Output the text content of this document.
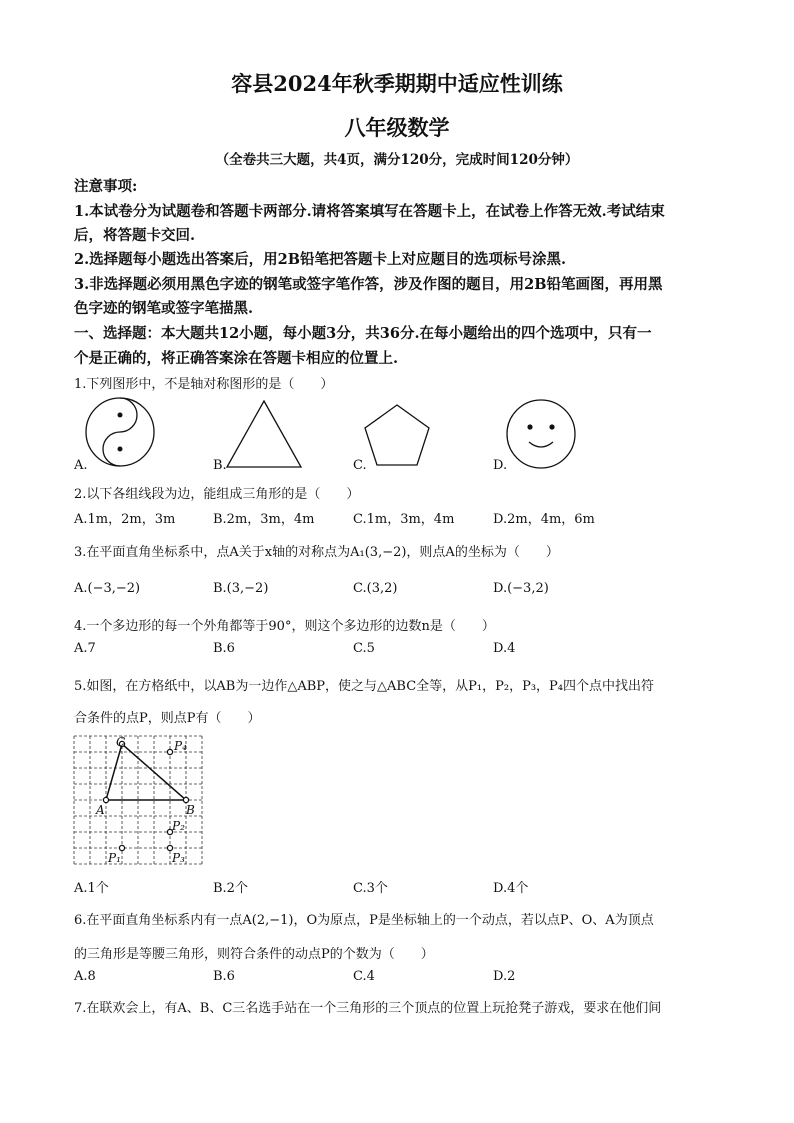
容县2024年秋季期期中适应性训练
八年级数学
（全卷共三大题，共4页，满分120分，完成时间120分钟）
注意事项:
1.本试卷分为试题卷和答题卡两部分.请将答案填写在答题卡上，在试卷上作答无效.考试结束
后，将答题卡交回.
2.选择题每小题选出答案后，用2B铅笔把答题卡上对应题目的选项标号涂黑.
3.非选择题必须用黑色字迹的钢笔或签字笔作答，涉及作图的题目，用2B铅笔画图，再用黑
色字迹的钢笔或签字笔描黑.
一、选择题：本大题共12小题，每小题3分，共36分.在每小题给出的四个选项中，只有一
个是正确的，将正确答案涂在答题卡相应的位置上.
1.下列图形中，不是轴对称图形的是（　　）
A.	B.	C.	D.
2.以下各组线段为边，能组成三角形的是（　　）
A.1m，2m，3m	B.2m，3m，4m	C.1m，3m，4m	D.2m，4m，6m
3.在平面直角坐标系中，点A关于x轴的对称点为A₁(3,−2)，则点A的坐标为（　　）
A.(−3,−2)	B.(3,−2)	C.(3,2)	D.(−3,2)
4.一个多边形的每一个外角都等于90°，则这个多边形的边数n是（　　）
A.7	B.6	C.5	D.4
5.如图，在方格纸中，以AB为一边作△ABP，使之与△ABC全等，从P₁，P₂，P₃，P₄四个点中找出符
合条件的点P，则点P有（　　）
C
A	B
P₄
P₂
P₃
P₁
A.1个	B.2个	C.3个	D.4个
6.在平面直角坐标系内有一点A(2,−1)，O为原点，P是坐标轴上的一个动点，若以点P、O、A为顶点
的三角形是等腰三角形，则符合条件的动点P的个数为（　　）
A.8	B.6	C.4	D.2
7.在联欢会上，有A、B、C三名选手站在一个三角形的三个顶点的位置上玩抢凳子游戏，要求在他们间
